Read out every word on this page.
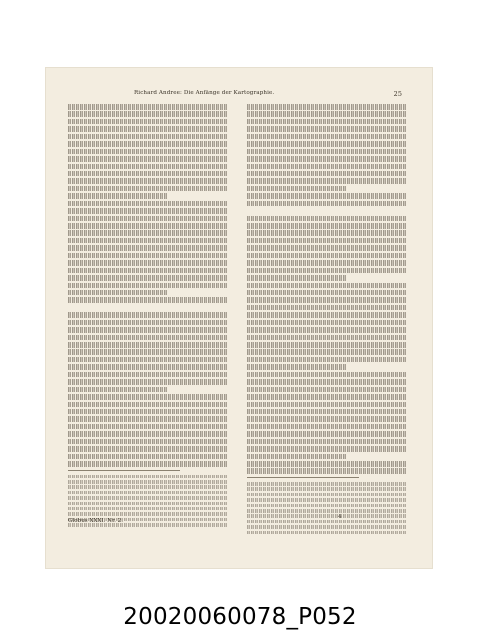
Richard Andree: Die Anfänge der Kartographie.	25
Globus XXXI. Nr. 2.
4
20020060078_P052
